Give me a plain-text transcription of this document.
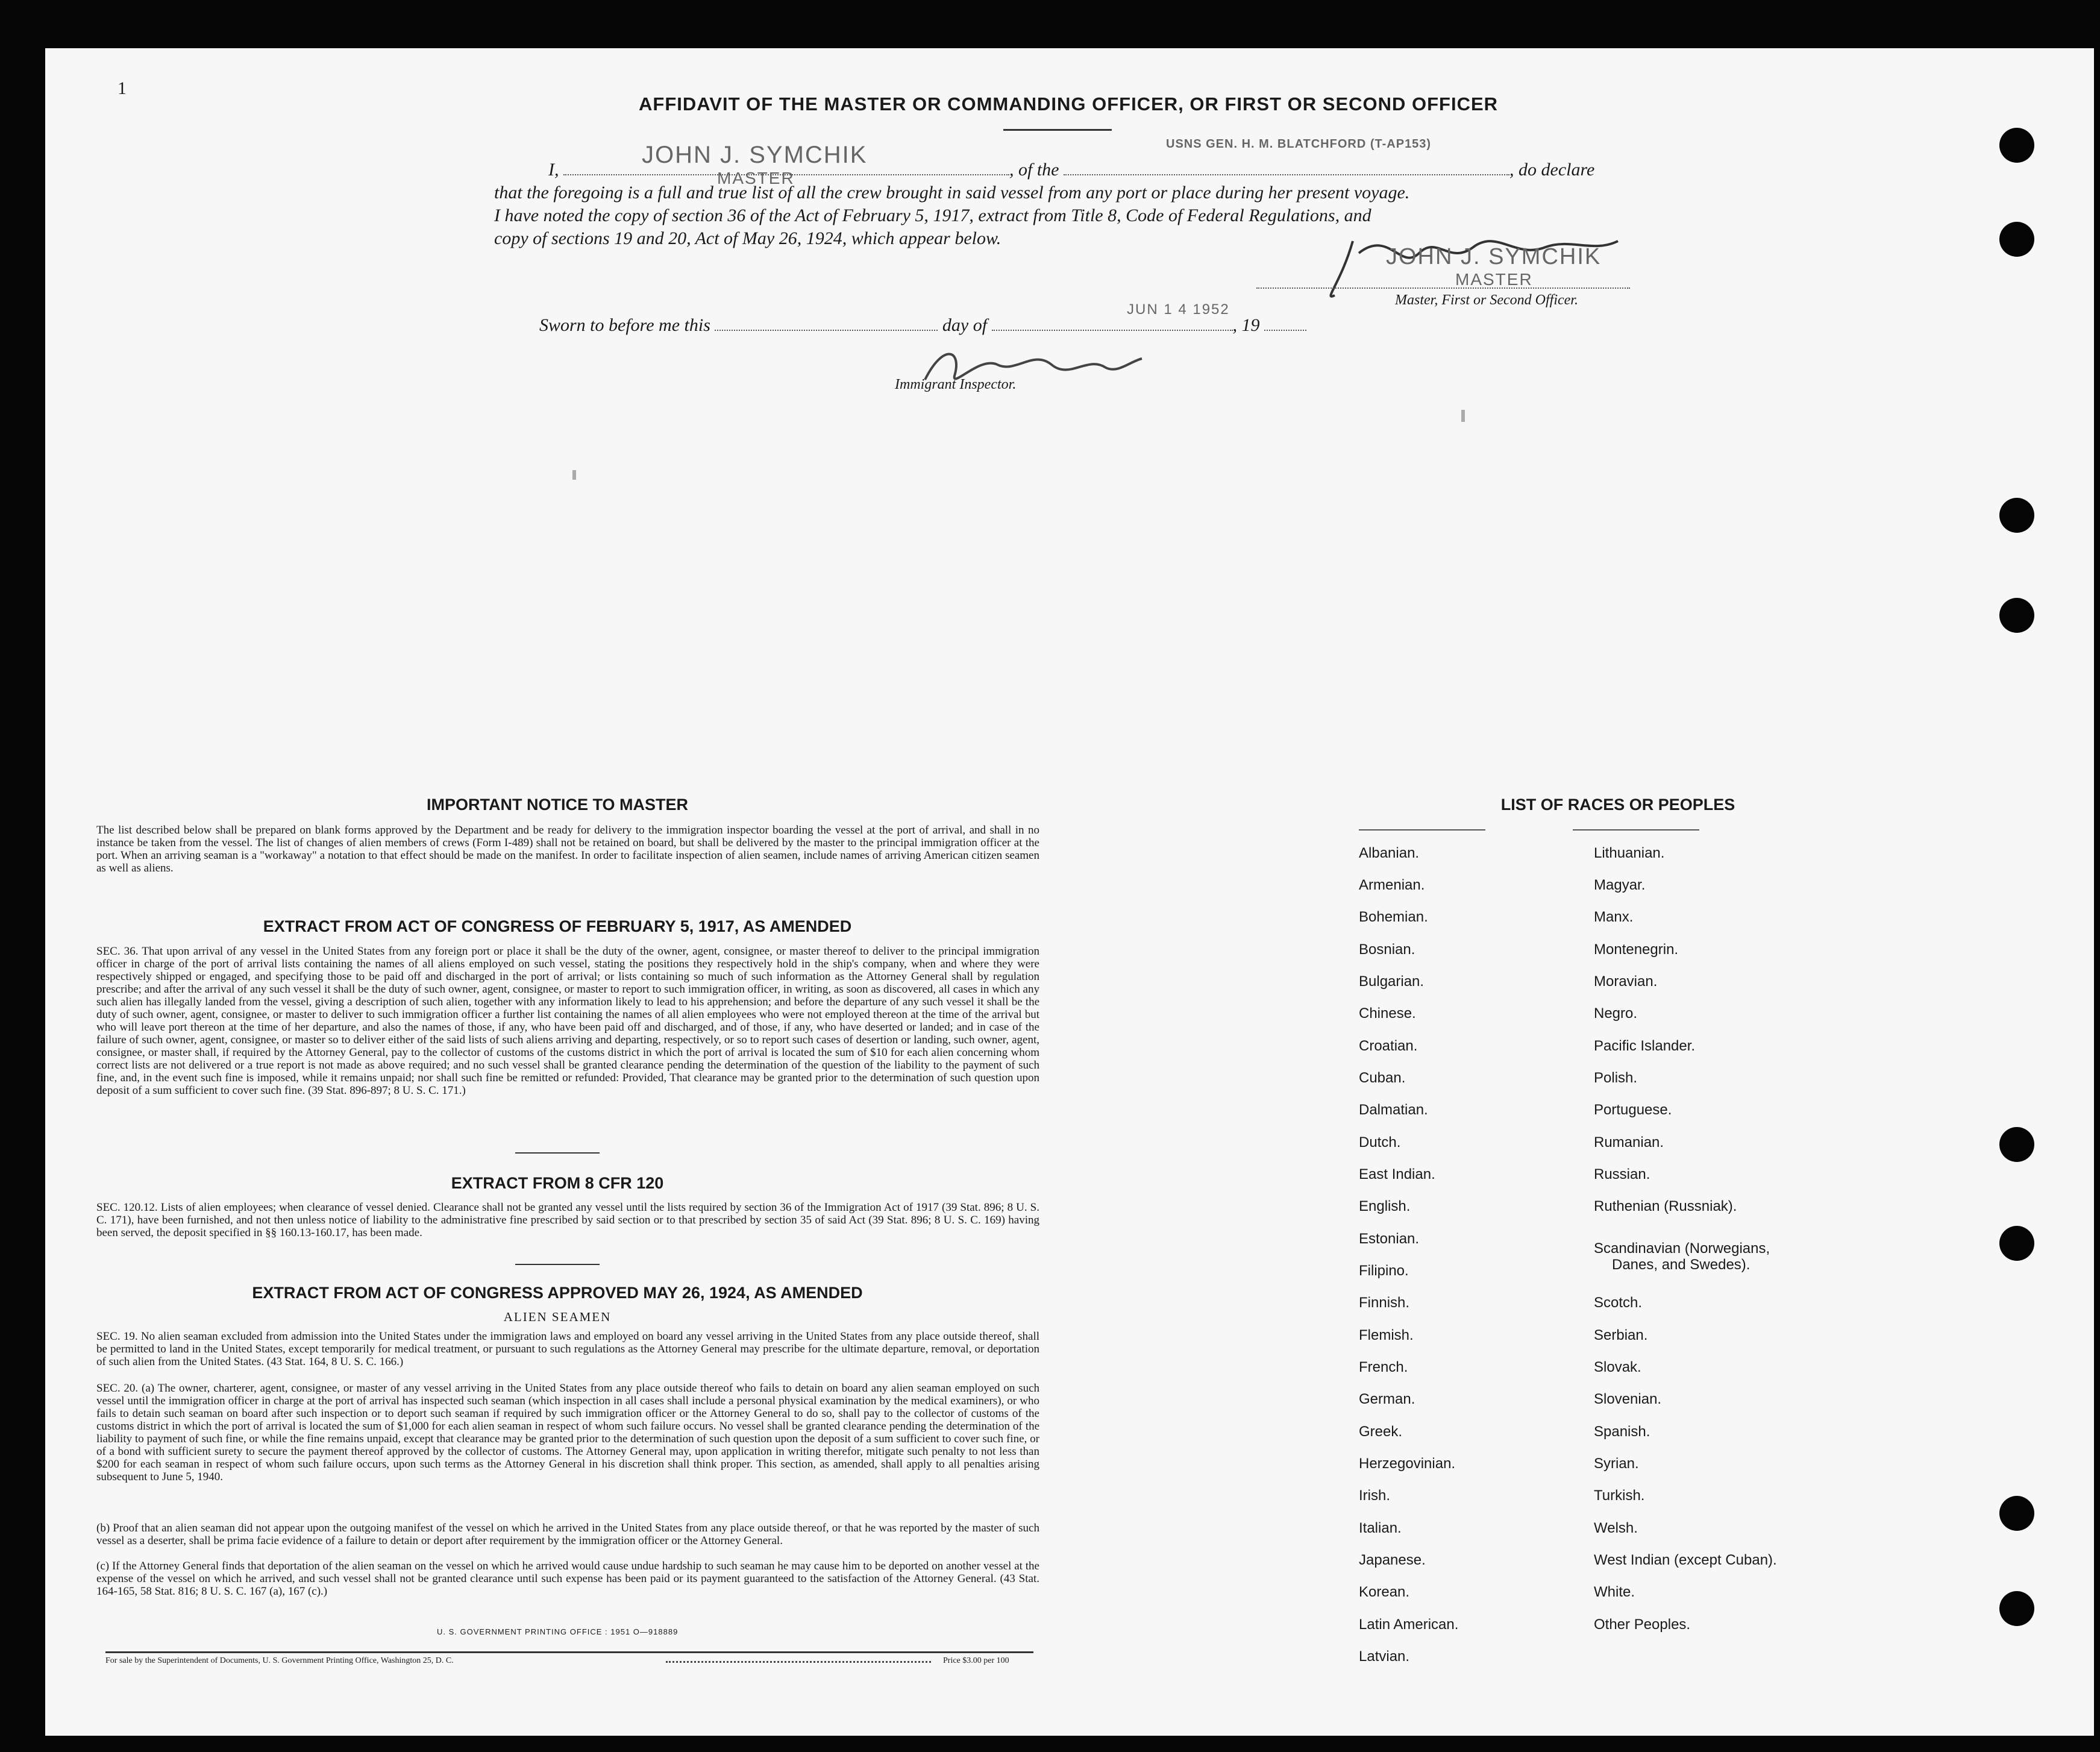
1
AFFIDAVIT OF THE MASTER OR COMMANDING OFFICER, OR FIRST OR SECOND OFFICER
JOHN J. SYMCHIK
MASTER
USNS GEN. H. M. BLATCHFORD (T-AP153)
I,	, of the	, do declare
that the foregoing is a full and true list of all the crew brought in said vessel from any port or place during her present voyage.
I have noted the copy of section 36 of the Act of February 5, 1917, extract from Title 8, Code of Federal Regulations, and
copy of sections 19 and 20, Act of May 26, 1924, which appear below.
JOHN J. SYMCHIK
MASTER
Master, First or Second Officer.
Sworn to before me this	day of	, 19
JUN 1 4 1952
Immigrant Inspector.
IMPORTANT NOTICE TO MASTER
The list described below shall be prepared on blank forms approved by the Department and be ready for delivery to the immigration inspector boarding the vessel at the port of arrival, and shall in no instance be taken from the vessel. The list of changes of alien members of crews (Form I-489) shall not be retained on board, but shall be delivered by the master to the principal immigration officer at the port. When an arriving seaman is a "workaway" a notation to that effect should be made on the manifest. In order to facilitate inspection of alien seamen, include names of arriving American citizen seamen as well as aliens.
EXTRACT FROM ACT OF CONGRESS OF FEBRUARY 5, 1917, AS AMENDED
SEC. 36. That upon arrival of any vessel in the United States from any foreign port or place it shall be the duty of the owner, agent, consignee, or master thereof to deliver to the principal immigration officer in charge of the port of arrival lists containing the names of all aliens employed on such vessel, stating the positions they respectively hold in the ship's company, when and where they were respectively shipped or engaged, and specifying those to be paid off and discharged in the port of arrival; or lists containing so much of such information as the Attorney General shall by regulation prescribe; and after the arrival of any such vessel it shall be the duty of such owner, agent, consignee, or master to report to such immigration officer, in writing, as soon as discovered, all cases in which any such alien has illegally landed from the vessel, giving a description of such alien, together with any information likely to lead to his apprehension; and before the departure of any such vessel it shall be the duty of such owner, agent, consignee, or master to deliver to such immigration officer a further list containing the names of all alien employees who were not employed thereon at the time of the arrival but who will leave port thereon at the time of her departure, and also the names of those, if any, who have been paid off and discharged, and of those, if any, who have deserted or landed; and in case of the failure of such owner, agent, consignee, or master so to deliver either of the said lists of such aliens arriving and departing, respectively, or so to report such cases of desertion or landing, such owner, agent, consignee, or master shall, if required by the Attorney General, pay to the collector of customs of the customs district in which the port of arrival is located the sum of $10 for each alien concerning whom correct lists are not delivered or a true report is not made as above required; and no such vessel shall be granted clearance pending the determination of the question of the liability to the payment of such fine, and, in the event such fine is imposed, while it remains unpaid; nor shall such fine be remitted or refunded: Provided, That clearance may be granted prior to the determination of such question upon deposit of a sum sufficient to cover such fine. (39 Stat. 896-897; 8 U. S. C. 171.)
EXTRACT FROM 8 CFR 120
SEC. 120.12. Lists of alien employees; when clearance of vessel denied. Clearance shall not be granted any vessel until the lists required by section 36 of the Immigration Act of 1917 (39 Stat. 896; 8 U. S. C. 171), have been furnished, and not then unless notice of liability to the administrative fine prescribed by said section or to that prescribed by section 35 of said Act (39 Stat. 896; 8 U. S. C. 169) having been served, the deposit specified in §§ 160.13-160.17, has been made.
EXTRACT FROM ACT OF CONGRESS APPROVED MAY 26, 1924, AS AMENDED
ALIEN SEAMEN
SEC. 19. No alien seaman excluded from admission into the United States under the immigration laws and employed on board any vessel arriving in the United States from any place outside thereof, shall be permitted to land in the United States, except temporarily for medical treatment, or pursuant to such regulations as the Attorney General may prescribe for the ultimate departure, removal, or deportation of such alien from the United States. (43 Stat. 164, 8 U. S. C. 166.)
SEC. 20. (a) The owner, charterer, agent, consignee, or master of any vessel arriving in the United States from any place outside thereof who fails to detain on board any alien seaman employed on such vessel until the immigration officer in charge at the port of arrival has inspected such seaman (which inspection in all cases shall include a personal physical examination by the medical examiners), or who fails to detain such seaman on board after such inspection or to deport such seaman if required by such immigration officer or the Attorney General to do so, shall pay to the collector of customs of the customs district in which the port of arrival is located the sum of $1,000 for each alien seaman in respect of whom such failure occurs. No vessel shall be granted clearance pending the determination of the liability to payment of such fine, or while the fine remains unpaid, except that clearance may be granted prior to the determination of such question upon the deposit of a sum sufficient to cover such fine, or of a bond with sufficient surety to secure the payment thereof approved by the collector of customs. The Attorney General may, upon application in writing therefor, mitigate such penalty to not less than $200 for each seaman in respect of whom such failure occurs, upon such terms as the Attorney General in his discretion shall think proper. This section, as amended, shall apply to all penalties arising subsequent to June 5, 1940.
(b) Proof that an alien seaman did not appear upon the outgoing manifest of the vessel on which he arrived in the United States from any place outside thereof, or that he was reported by the master of such vessel as a deserter, shall be prima facie evidence of a failure to detain or deport after requirement by the immigration officer or the Attorney General.
(c) If the Attorney General finds that deportation of the alien seaman on the vessel on which he arrived would cause undue hardship to such seaman he may cause him to be deported on another vessel at the expense of the vessel on which he arrived, and such vessel shall not be granted clearance until such expense has been paid or its payment guaranteed to the satisfaction of the Attorney General. (43 Stat. 164-165, 58 Stat. 816; 8 U. S. C. 167 (a), 167 (c).)
U. S. GOVERNMENT PRINTING OFFICE : 1951 O—918889
For sale by the Superintendent of Documents, U. S. Government Printing Office, Washington 25, D. C.	Price $3.00 per 100
LIST OF RACES OR PEOPLES
Albanian.
Armenian.
Bohemian.
Bosnian.
Bulgarian.
Chinese.
Croatian.
Cuban.
Dalmatian.
Dutch.
East Indian.
English.
Estonian.
Filipino.
Finnish.
Flemish.
French.
German.
Greek.
Herzegovinian.
Irish.
Italian.
Japanese.
Korean.
Latin American.
Latvian.
Lithuanian.
Magyar.
Manx.
Montenegrin.
Moravian.
Negro.
Pacific Islander.
Polish.
Portuguese.
Rumanian.
Russian.
Ruthenian (Russniak).
Scandinavian (Norwegians,
Danes, and Swedes).
Scotch.
Serbian.
Slovak.
Slovenian.
Spanish.
Syrian.
Turkish.
Welsh.
West Indian (except Cuban).
White.
Other Peoples.
